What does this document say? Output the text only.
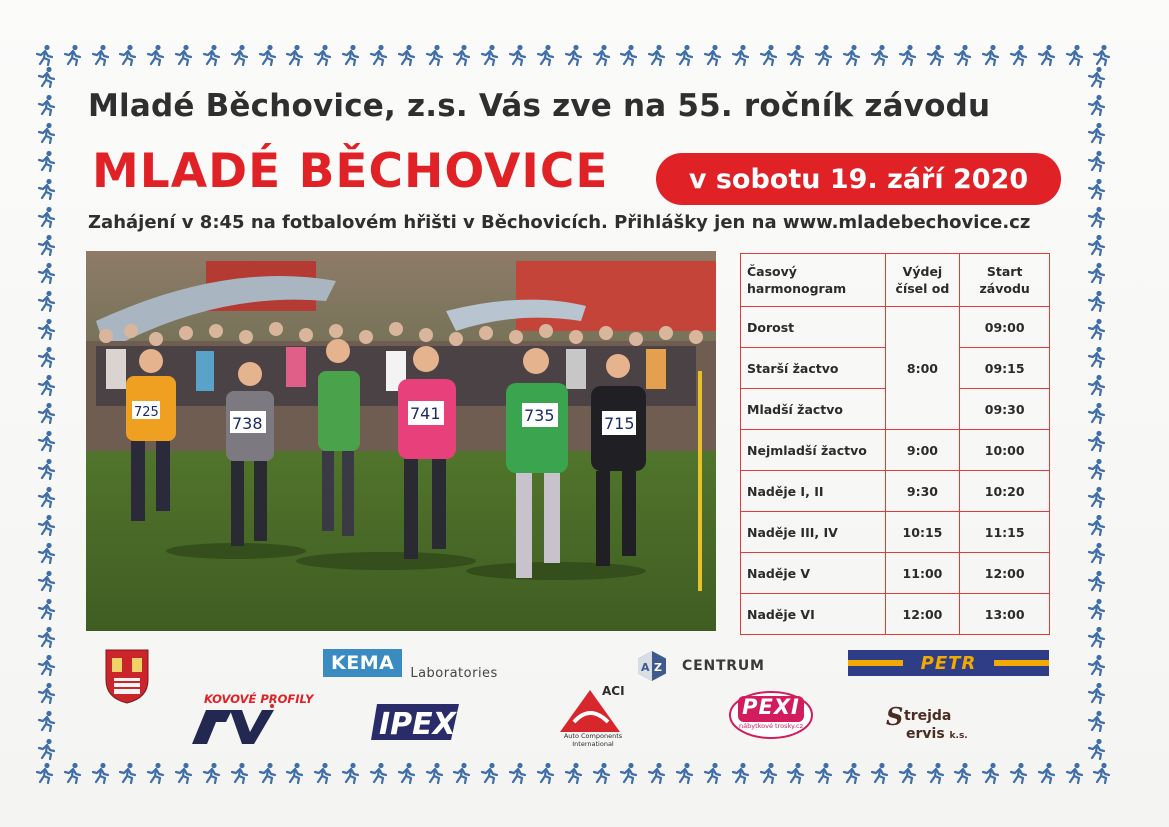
Mladé Běchovice, z.s. Vás zve na 55. ročník závodu
MLADÉ BĚCHOVICE	v sobotu 19. září 2020
Zahájení v 8:45 na fotbalovém hřišti v Běchovicích. Přihlášky jen na www.mladebechovice.cz
725
738
741	735	715
Časový harmonogram	Výdej čísel od	Start závodu
Dorost	8:00	09:00
Starší žactvo		09:15
Mladší žactvo		09:30
Nejmladší žactvo	9:00	10:00
Naděje I, II	9:30	10:20
Naděje III, IV	10:15	11:15
Naděje V	11:00	12:00
Naděje VI	12:00	13:00
KEMA	Laboratories	A Z CENTRUM	PETR
KOVOVÉ PROFILY
IPEX
ACI
Auto Components International
PEXI
nábytkové trosky.cz	S trejda
ervis k.s.
